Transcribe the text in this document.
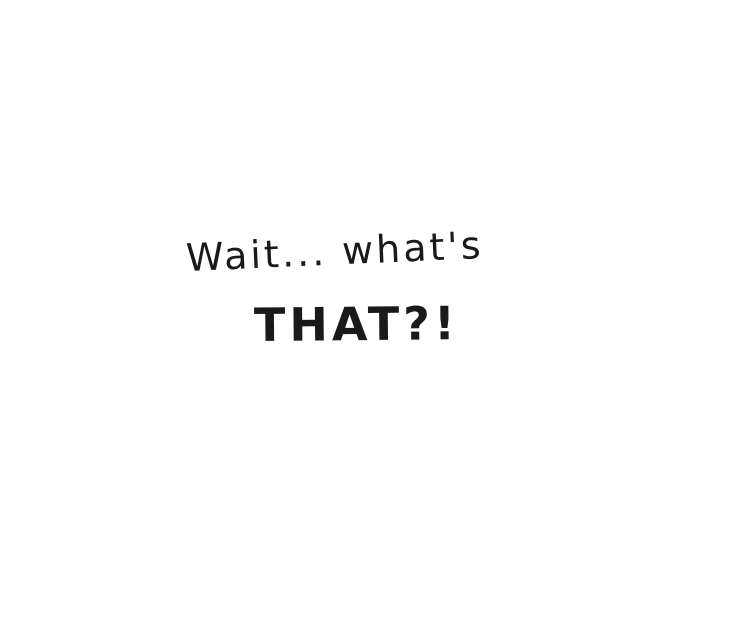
Wait... what's
THAT?!
